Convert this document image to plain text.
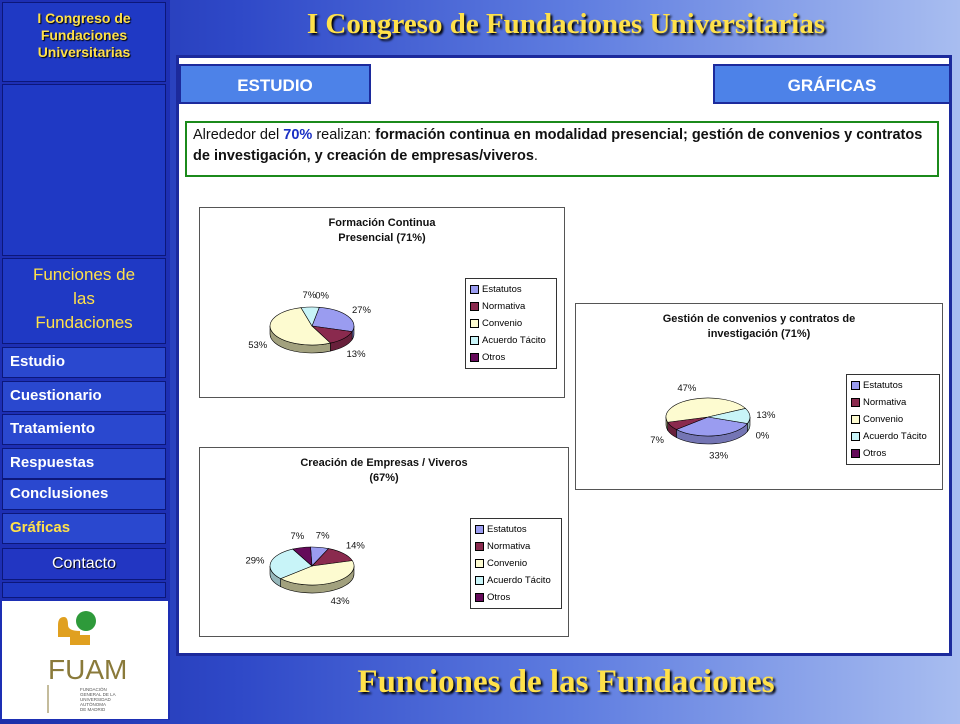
I Congreso de
Fundaciones
Universitarias
Funciones de
las
Fundaciones
Estudio
Cuestionario
Tratamiento
Respuestas
Conclusiones
Gráficas
Contacto
FUAM
FUNDACIÓN
GENERAL DE LA
UNIVERSIDAD
AUTÓNOMA
DE MADRID
I Congreso de Fundaciones Universitarias
ESTUDIO	GRÁFICAS
Alrededor del 70% realizan: formación continua en modalidad presencial; gestión de convenios y contratos de investigación, y creación de empresas/viveros.
Formación Continua
Presencial (71%)
27%
13%
53%
7%
0%
Estatutos
Normativa
Convenio
Acuerdo Tácito
Otros
Gestión de convenios y contratos de
investigación (71%)
33%
7%
47%
13%
0%
Estatutos
Normativa
Convenio
Acuerdo Tácito
Otros
Creación de Empresas / Viveros
(67%)
7%
14%
43%
29%
7%
Estatutos
Normativa
Convenio
Acuerdo Tácito
Otros
Funciones de las Fundaciones
